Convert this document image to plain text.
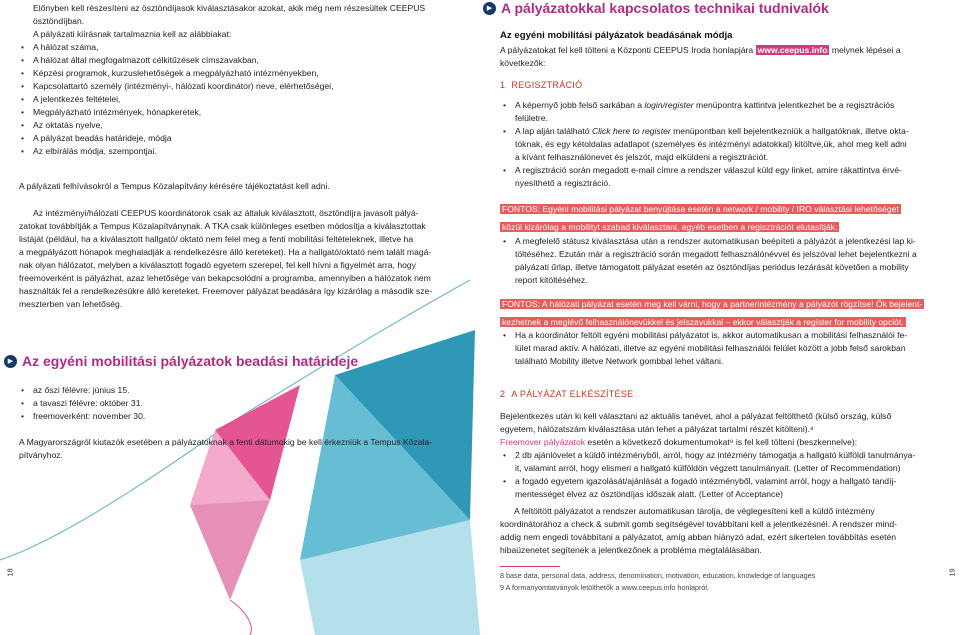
Előnyben kell részesíteni az ösztöndíjasok kiválasztásakor azokat, akik még nem részesültek CEEPUS
ösztöndíjban.
A pályázati kiírásnak tartalmaznia kell az alábbiakat:
• A hálózat száma,
• A hálózat által megfogalmazott célkitűzések címszavakban,
• Képzési programok, kurzuslehetőségek a megpályázható intézményekben,
• Kapcsolattartó személy (intézményi-, hálózati koordinátor) neve, elérhetőségei,
• A jelentkezés feltételei,
• Megpályázható intézmények, hónapkeretek,
• Az oktatás nyelve,
• A pályázat beadás határideje, módja
• Az elbírálás módja, szempontjai.
A pályázati felhívásokról a Tempus Közalapítvány kérésére tájékoztatást kell adni.
Az intézményi/hálózati CEEPUS koordinátorok csak az általuk kiválasztott, ösztöndíjra javasolt pályá-
zatokat továbbítják a Tempus Közalapítványnak. A TKA csak különleges esetben módosítja a kiválasztottak
listáját (például, ha a kiválasztott hallgató/ oktató nem felel meg a fenti mobilitási feltételeknek, illetve ha
a megpályázott hónapok meghaladják a rendelkezésre álló kereteket). Ha a hallgató/oktató nem talált magá-
nak olyan hálózatot, melyben a kiválasztott fogadó egyetem szerepel, fel kell hívni a figyelmét arra, hogy
freemoverként is pályázhat, azaz lehetősége van bekapcsolódni a programba, amennyiben a hálózatok nem
használták fel a rendelkezésükre álló kereteket. Freemover pályázat beadására így kizárólag a második sze-
meszterben van lehetőség.
▶ Az egyéni mobilitási pályázatok beadási határideje
• az őszi félévre: június 15.
• a tavaszi félévre: október 31.
• freemoverként: november 30.
A Magyarországról kiutazók esetében a pályázatoknak a fenti dátumokig be kell érkezniük a Tempus Közala-
pítványhoz.
18
▶ A pályázatokkal kapcsolatos technikai tudnivalók
Az egyéni mobilitási pályázatok beadásának módja
A pályázatokat fel kell tölteni a Központi CEEPUS Iroda honlapjára www.ceepus.info melynek lépései a
következők:
1 REGISZTRÁCIÓ
• A képernyő jobb felső sarkában a login/register menüpontra kattintva jelentkezhet be a regisztrációs
felületre.
• A lap alján található Click here to register menüpontban kell bejelentkezniük a hallgatóknak, illetve okta-
tóknak, és egy kétoldalas adatlapot (személyes és intézményi adatokkal) kitöltve,ük, ahol meg kell adni
a kívánt felhasználónevet és jelszót, majd elküldeni a regisztrációt.
• A regisztráció során megadott e-mail címre a rendszer válaszul küld egy linket, amire rákattintva érvé-
nyesíthető a regisztráció.
FONTOS: Egyéni mobilitási pályázat benyújtása esetén a network / mobility / IRO választási lehetőséget
közül kizárólag a mobilityt szabad kiválasztani, egyéb esetben a regisztrációt elutasítják.
• A megfelelő státusz kiválasztása után a rendszer automatikusan beépíteti a pályázót a jelentkezési lap ki-
töltéséhez. Ezután már a regisztráció során megadott felhasználónévvel és jelszóval lehet bejelentkezni a
pályázati űrlap, illetve támogatott pályázat esetén az ösztöndíjas periódus lezárását követően a mobility
report kitöltéséhez.
FONTOS: A hálózati pályázat esetén meg kell várni, hogy a partnerintézmény a pályázót rögzítse! Ők bejelent-
kezhetnek a meglévő felhasználónevükkel és jelszavukkal – ekkor választják a register for mobility opciót.
• Ha a koordinátor feltölt egyéni mobilitási pályázatot is, akkor automatikusan a mobilitási felhasználói fe-
lület marad aktív. A hálózati, illetve az egyéni mobilitási felhasználói felület között a jobb felső sarokban
található Mobility illetve Network gombbal lehet váltani.
2 A PÁLYÁZAT ELKÉSZÍTÉSE
Bejelentkezés után ki kell választani az aktuális tanévet, ahol a pályázat feltölthető (külső ország, külső
egyetem, hálózatszám kiválasztása után lehet a pályázat tartalmi részét kitölteni).⁸
Freemover pályázatok esetén a következő dokumentumokat⁹ is fel kell tölteni (beszkennelve):
• 2 db ajánlóvelet a küldő intézményből, arról, hogy az intézmény támogatja a hallgató külföldi tanulmánya-
it, valamint arról, hogy elismeri a hallgató külföldön végzett tanulmányait. (Letter of Recommendation)
• a fogadó egyetem igazolását/ajánlását a fogadó intézményből, valamint arról, hogy a hallgató tandíj-
mentességet élvez az ösztöndíjas időszak alatt. (Letter of Acceptance)
A feltöltött pályázatot a rendszer automatikusan tárolja, de véglegesíteni kell a küldő intézmény
koordinátorához a check & submit gomb segítségével továbbítani kell a jelentkezésnél. A rendszer mind-
addig nem engedi továbbítani a pályázatot, amíg abban hiányzó adat, ezért sikertelen továbbítás esetén
hibaüzenetet segítenek a jelentkezőnek a probléma megtalálásában.
8 base data, personal data, address, denomination, motivation, education, knowledge of languages
9 A formanyomtatványok letölthetők a www.ceepus.info honlapról.
19
